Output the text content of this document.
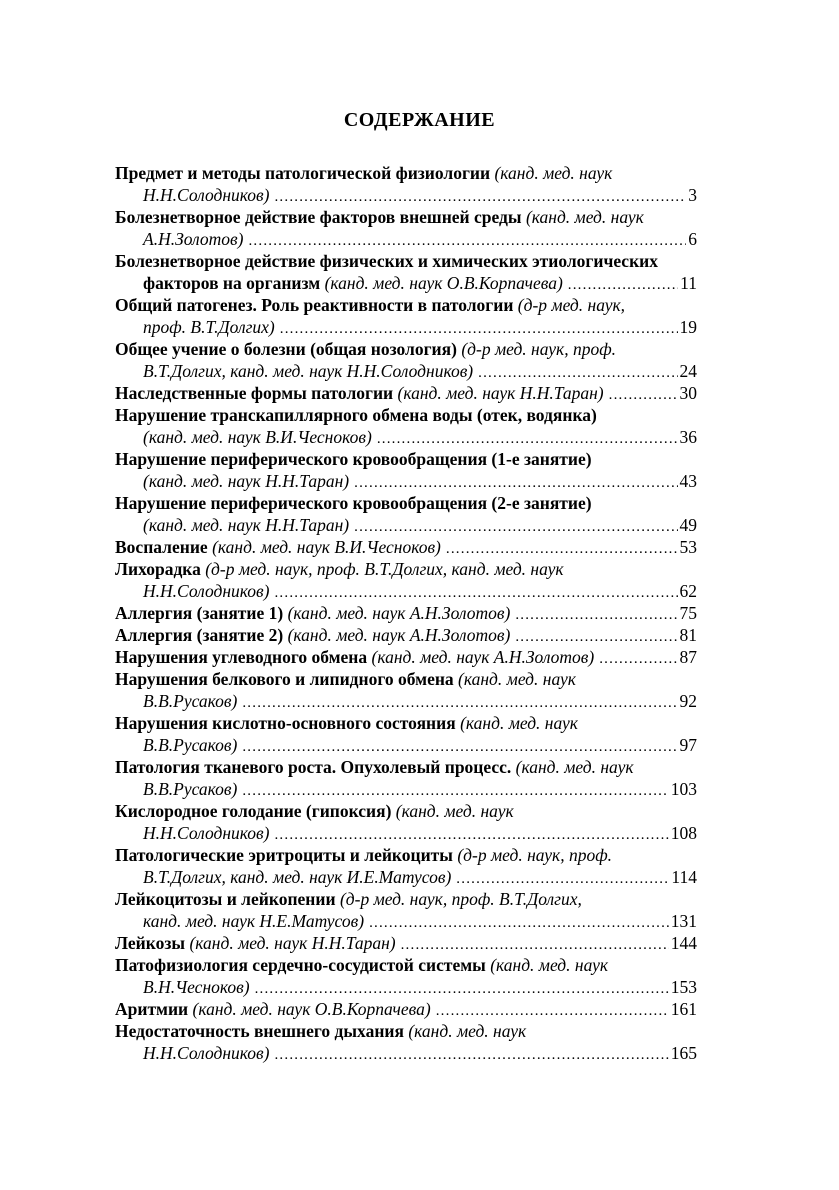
СОДЕРЖАНИЕ
Предмет и методы патологической физиологии (канд. мед. наук
Н.Н.Солодников) .....	3
Болезнетворное действие факторов внешней среды (канд. мед. наук
А.Н.Золотов) .....	6
Болезнетворное действие физических и химических этиологических
факторов на организм
(канд. мед. наук О.В.Корпачева) .....	11
Общий патогенез. Роль реактивности в патологии (д-р мед. наук,
проф. В.Т.Долгих) .....	19
Общее учение о болезни (общая нозология) (д-р мед. наук, проф.
В.Т.Долгих, канд. мед. наук Н.Н.Солодников) .....	24
Наследственные формы патологии
(канд. мед. наук Н.Н.Таран) .....	30
Нарушение транскапиллярного обмена воды (отек, водянка)
(канд. мед. наук В.И.Чесноков) .....	36
Нарушение периферического кровообращения (1-е занятие)
(канд. мед. наук Н.Н.Таран) .....	43
Нарушение периферического кровообращения (2-е занятие)
(канд. мед. наук Н.Н.Таран) .....	49
Воспаление
(канд. мед. наук В.И.Чесноков) .....	53
Лихорадка (д-р мед. наук, проф. В.Т.Долгих, канд. мед. наук
Н.Н.Солодников) .....	62
Аллергия (занятие 1)
(канд. мед. наук А.Н.Золотов) .....	75
Аллергия (занятие 2)
(канд. мед. наук А.Н.Золотов) .....	81
Нарушения углеводного обмена
(канд. мед. наук А.Н.Золотов) .....	87
Нарушения белкового и липидного обмена (канд. мед. наук
В.В.Русаков) .....	92
Нарушения кислотно-основного состояния (канд. мед. наук
В.В.Русаков) .....	97
Патология тканевого роста. Опухолевый процесс. (канд. мед. наук
В.В.Русаков) .....	103
Кислородное голодание (гипоксия) (канд. мед. наук
Н.Н.Солодников) .....	108
Патологические эритроциты и лейкоциты (д-р мед. наук, проф.
В.Т.Долгих, канд. мед. наук И.Е.Матусов) .....	114
Лейкоцитозы и лейкопении (д-р мед. наук, проф. В.Т.Долгих,
канд. мед. наук Н.Е.Матусов) .....	131
Лейкозы
(канд. мед. наук Н.Н.Таран) .....	144
Патофизиология сердечно-сосудистой системы (канд. мед. наук
В.Н.Чесноков) .....	153
Аритмии
(канд. мед. наук О.В.Корпачева) .....	161
Недостаточность внешнего дыхания (канд. мед. наук
Н.Н.Солодников) .....	165
